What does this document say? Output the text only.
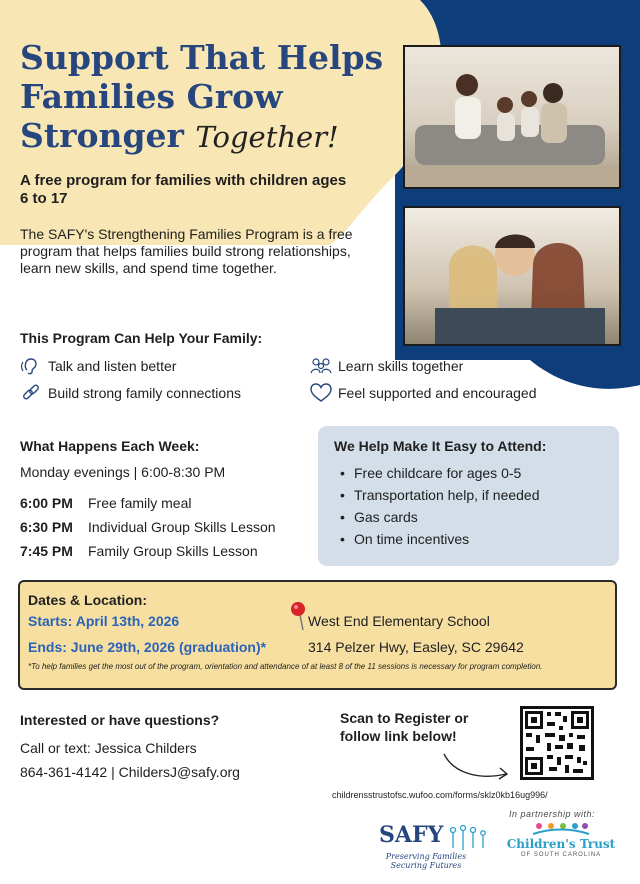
Support That Helps
Families Grow
Stronger Together!
A free program for families with children ages 6 to 17
The SAFY's Strengthening Families Program is a free program that helps families build strong relationships, learn new skills, and spend time together.
This Program Can Help Your Family:
Talk and listen better
Build strong family connections
Learn skills together
Feel supported and encouraged
What Happens Each Week:
Monday evenings | 6:00-8:30 PM
6:00 PM Free family meal
6:30 PM Individual Group Skills Lesson
7:45 PM Family Group Skills Lesson
We Help Make It Easy to Attend:
• Free childcare for ages 0-5
• Transportation help, if needed
• Gas cards
• On time incentives
Dates & Location:
Starts: April 13th, 2026
Ends: June 29th, 2026 (graduation)*
West End Elementary School
314 Pelzer Hwy, Easley, SC 29642
*To help families get the most out of the program, orientation and attendance of at least 8 of the 11 sessions is necessary for program completion.
Interested or have questions?
Call or text: Jessica Childers
864-361-4142 | ChildersJ@safy.org
Scan to Register or follow link below!
childrensstrustofsc.wufoo.com/forms/sklz0kb16ug996/
In partnership with:
SAFY
Preserving Families Securing Futures
Children's Trust
OF SOUTH CAROLINA
